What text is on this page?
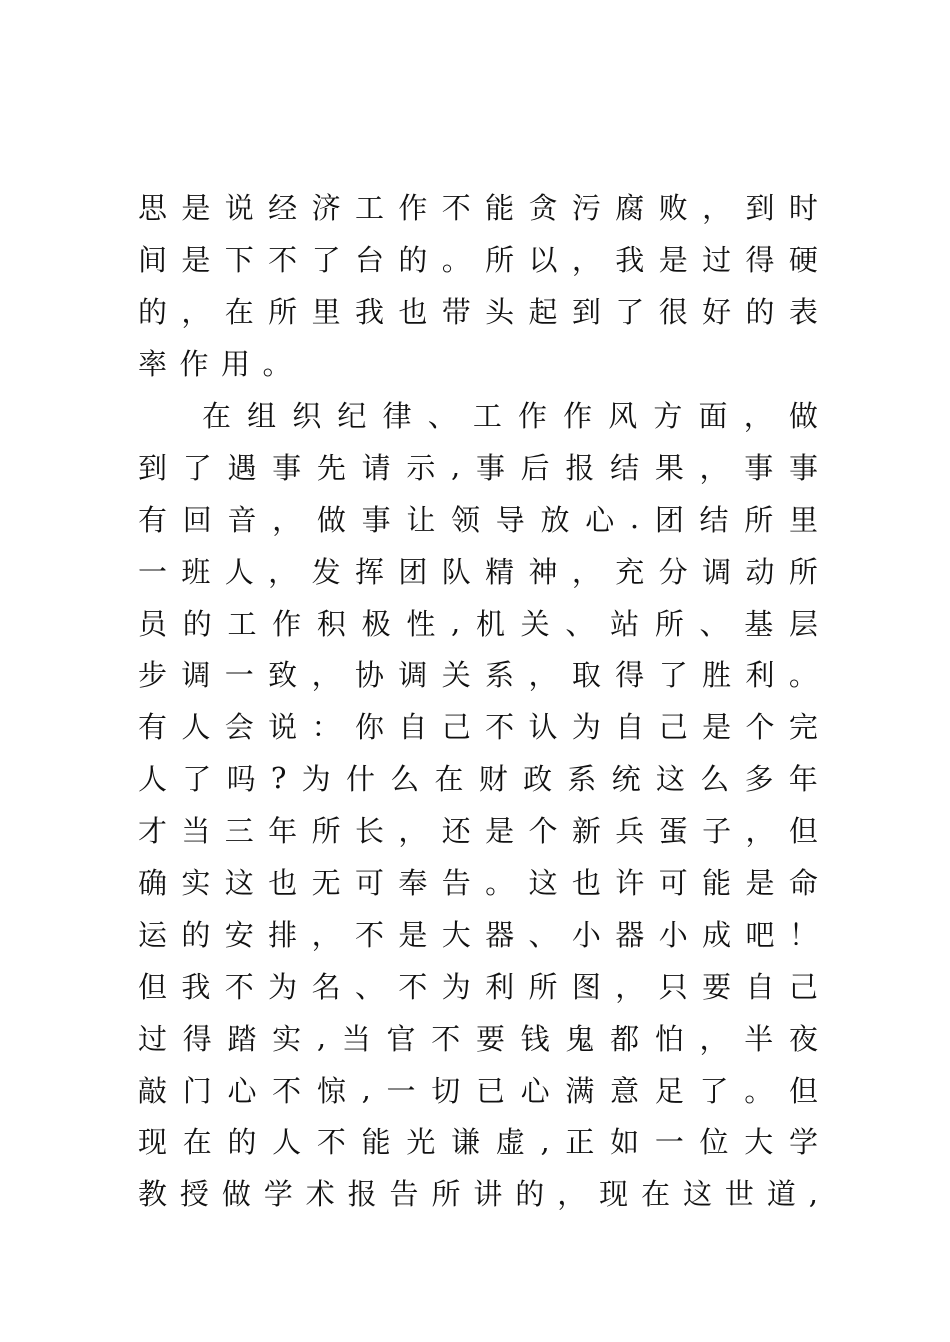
思 是 说 经 济 工 作 不 能 贪 污 腐 败 ， 到 时
间 是 下 不 了 台 的 。 所 以 ， 我 是 过 得 硬
的 ， 在 所 里 我 也 带 头 起 到 了 很 好 的 表
率 作 用 。
在 组 织 纪 律 、 工 作 作 风 方 面 ， 做
到 了 遇 事 先 请 示 , 事 后 报 结 果 ， 事 事
有 回 音 ， 做 事 让 领 导 放 心 . 团 结 所 里
一 班 人 ， 发 挥 团 队 精 神 ， 充 分 调 动 所
员 的 工 作 积 极 性 , 机 关 、 站 所 、 基 层
步 调 一 致 ， 协 调 关 系 ， 取 得 了 胜 利 。
有 人 会 说 ： 你 自 己 不 认 为 自 己 是 个 完
人 了 吗 ? 为 什 么 在 财 政 系 统 这 么 多 年
才 当 三 年 所 长 ， 还 是 个 新 兵 蛋 子 ， 但
确 实 这 也 无 可 奉 告 。 这 也 许 可 能 是 命
运 的 安 排 ， 不 是 大 器 、 小 器 小 成 吧 ！
但 我 不 为 名 、 不 为 利 所 图 ， 只 要 自 己
过 得 踏 实 , 当 官 不 要 钱 鬼 都 怕 ， 半 夜
敲 门 心 不 惊 , 一 切 已 心 满 意 足 了 。 但
现 在 的 人 不 能 光 谦 虚 , 正 如 一 位 大 学
教 授 做 学 术 报 告 所 讲 的 ， 现 在 这 世 道 ,
